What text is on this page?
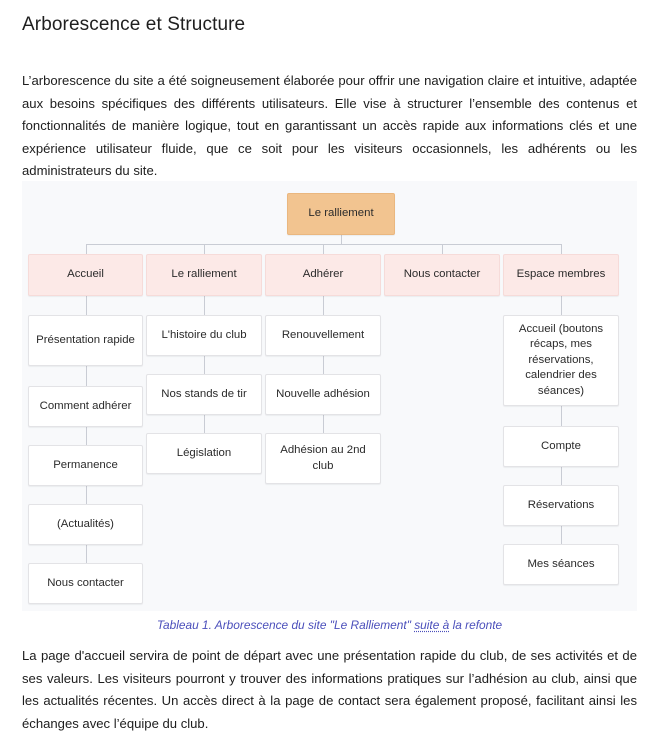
Arborescence et Structure

L’arborescence du site a été soigneusement élaborée pour offrir une navigation claire et intuitive, adaptée aux besoins spécifiques des différents utilisateurs. Elle vise à structurer l’ensemble des contenus et fonctionnalités de manière logique, tout en garantissant un accès rapide aux informations clés et une expérience utilisateur fluide, que ce soit pour les visiteurs occasionnels, les adhérents ou les administrateurs du site.

Le ralliement
Accueil
Présentation rapide
Comment adhérer
Permanence
(Actualités)
Nous contacter
Le ralliement
L'histoire du club
Nos stands de tir
Législation
Adhérer
Renouvellement
Nouvelle adhésion
Adhésion au 2nd club
Nous contacter	Espace membres
Accueil (boutons récaps, mes réservations, calendrier des séances)
Compte
Réservations
Mes séances
Tableau 1. Arborescence du site "Le Ralliement" suite à la refonte

La page d'accueil servira de point de départ avec une présentation rapide du club, de ses activités et de ses valeurs. Les visiteurs pourront y trouver des informations pratiques sur l’adhésion au club, ainsi que les actualités récentes. Un accès direct à la page de contact sera également proposé, facilitant ainsi les échanges avec l’équipe du club.
